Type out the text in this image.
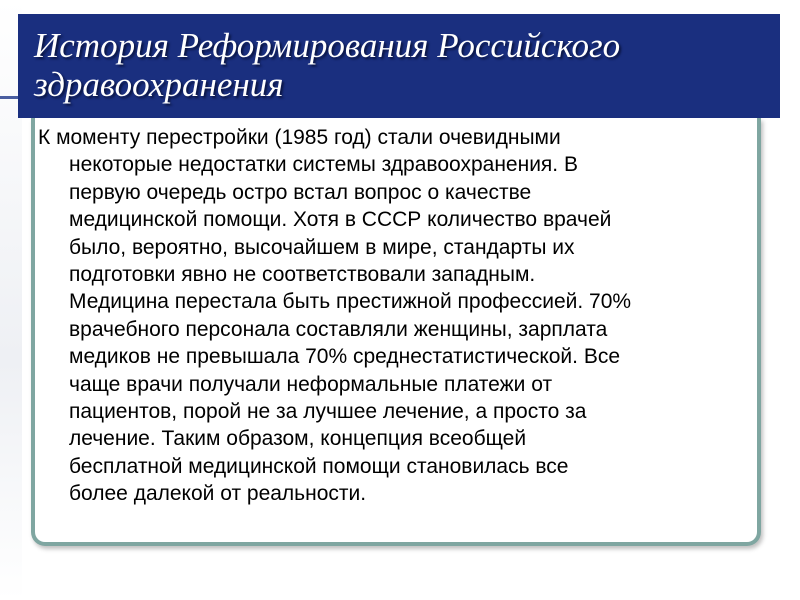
История Реформирования Российского
здравоохранения

К моменту перестройки (1985 год) стали очевидными
некоторые недостатки системы здравоохранения. В
первую очередь остро встал вопрос о качестве
медицинской помощи. Хотя в СССР количество врачей
было, вероятно, высочайшем в мире, стандарты их
подготовки явно не соответствовали западным.
Медицина перестала быть престижной профессией. 70%
врачебного персонала составляли женщины, зарплата
медиков не превышала 70% среднестатистической. Все
чаще врачи получали неформальные платежи от
пациентов, порой не за лучшее лечение, а просто за
лечение. Таким образом, концепция всеобщей
бесплатной медицинской помощи становилась все
более далекой от реальности.
